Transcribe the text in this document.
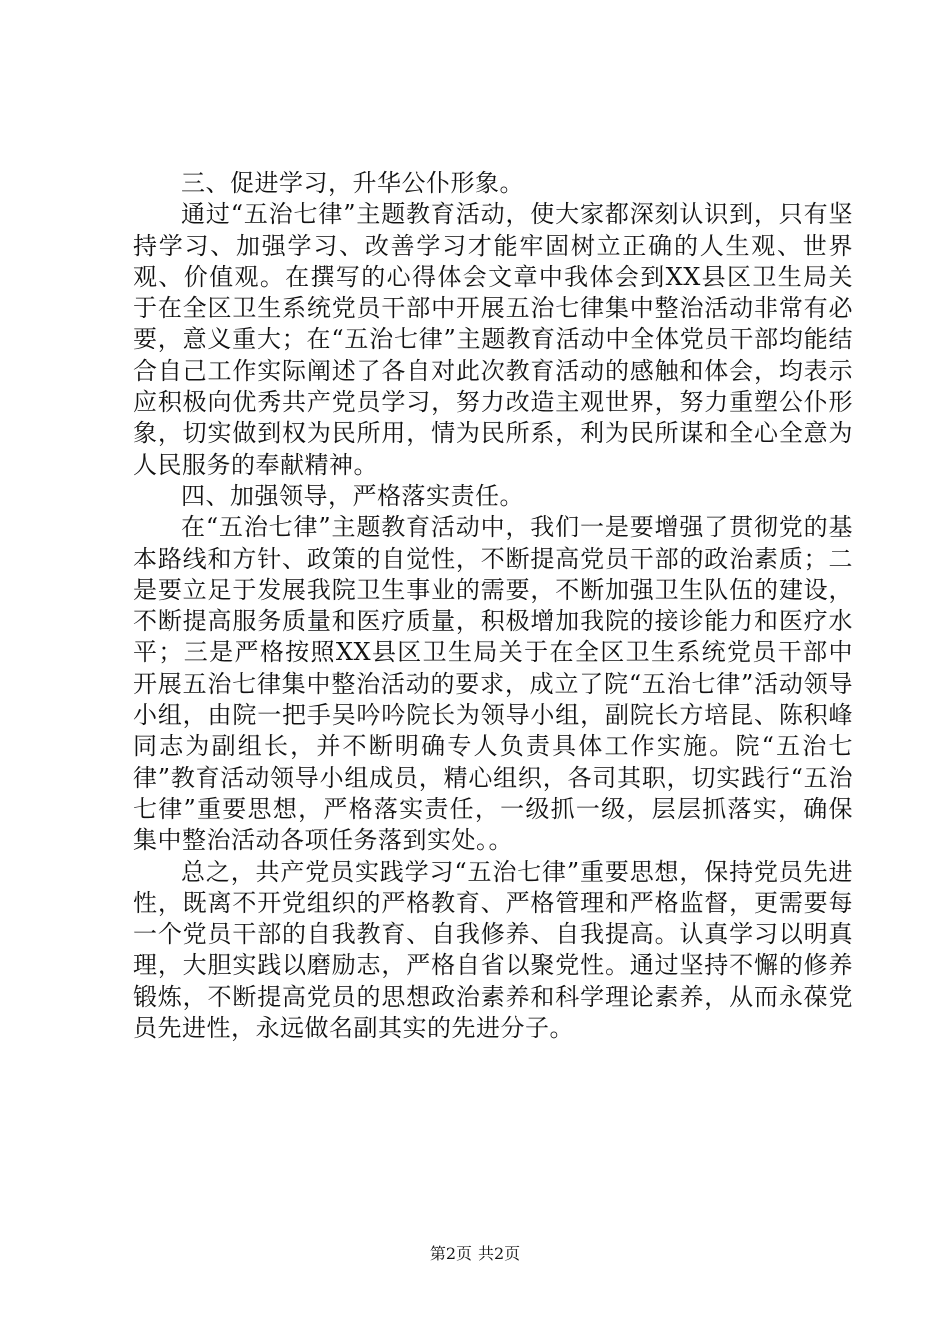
三、促进学习，升华公仆形象。

通过“五治七律”主题教育活动，使大家都深刻认识到，只有坚持学习、加强学习、改善学习才能牢固树立正确的人生观、世界观、价值观。在撰写的心得体会文章中我体会到XX县区卫生局关于在全区卫生系统党员干部中开展五治七律集中整治活动非常有必要，意义重大；在“五治七律”主题教育活动中全体党员干部均能结合自己工作实际阐述了各自对此次教育活动的感触和体会，均表示应积极向优秀共产党员学习，努力改造主观世界，努力重塑公仆形象，切实做到权为民所用，情为民所系，利为民所谋和全心全意为人民服务的奉献精神。

四、加强领导，严格落实责任。

在“五治七律”主题教育活动中，我们一是要增强了贯彻党的基本路线和方针、政策的自觉性，不断提高党员干部的政治素质；二是要立足于发展我院卫生事业的需要，不断加强卫生队伍的建设，不断提高服务质量和医疗质量，积极增加我院的接诊能力和医疗水平；三是严格按照XX县区卫生局关于在全区卫生系统党员干部中开展五治七律集中整治活动的要求，成立了院“五治七律”活动领导小组，由院一把手吴吟吟院长为领导小组，副院长方培昆、陈积峰同志为副组长，并不断明确专人负责具体工作实施。院“五治七律”教育活动领导小组成员，精心组织，各司其职，切实践行“五治七律”重要思想，严格落实责任，一级抓一级，层层抓落实，确保集中整治活动各项任务落到实处。。

总之，共产党员实践学习“五治七律”重要思想，保持党员先进性，既离不开党组织的严格教育、严格管理和严格监督，更需要每一个党员干部的自我教育、自我修养、自我提高。认真学习以明真理，大胆实践以磨励志，严格自省以聚党性。通过坚持不懈的修养锻炼，不断提高党员的思想政治素养和科学理论素养，从而永葆党员先进性，永远做名副其实的先进分子。

第2页 共2页
